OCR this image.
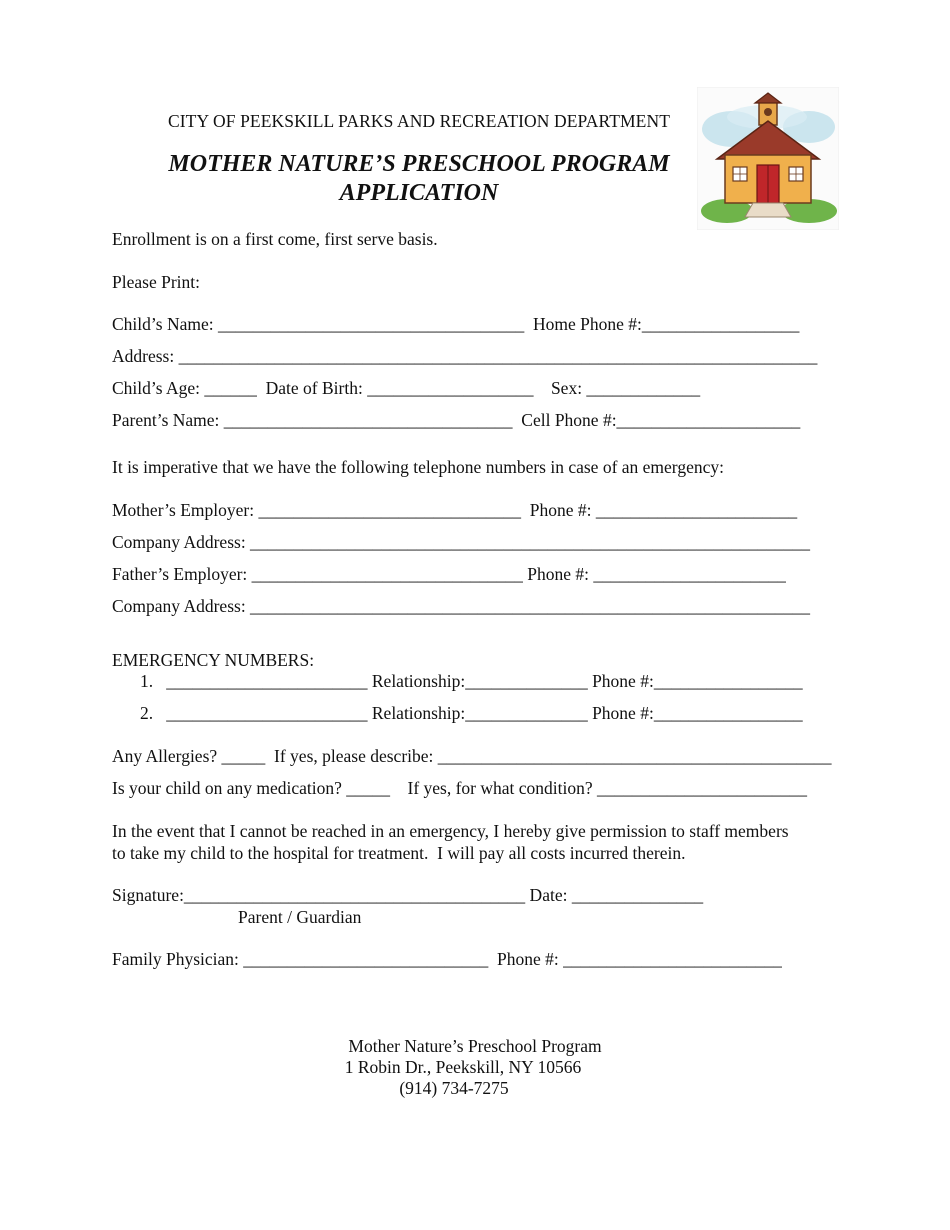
CITY OF PEEKSKILL PARKS AND RECREATION DEPARTMENT
MOTHER NATURE’S PRESCHOOL PROGRAM
APPLICATION
Enrollment is on a first come, first serve basis.
Please Print:
Child’s Name: ___________________________________  Home Phone #:__________________
Address: _________________________________________________________________________
Child’s Age: ______  Date of Birth: ___________________    Sex: _____________
Parent’s Name: _________________________________  Cell Phone #:_____________________
It is imperative that we have the following telephone numbers in case of an emergency:
Mother’s Employer: ______________________________  Phone #: _______________________
Company Address: ________________________________________________________________
Father’s Employer: _______________________________ Phone #: ______________________
Company Address: ________________________________________________________________
EMERGENCY NUMBERS:
1.   _______________________ Relationship:______________ Phone #:_________________
2.   _______________________ Relationship:______________ Phone #:_________________
Any Allergies? _____  If yes, please describe: _____________________________________________
Is your child on any medication? _____    If yes, for what condition? ________________________
In the event that I cannot be reached in an emergency, I hereby give permission to staff members
to take my child to the hospital for treatment.  I will pay all costs incurred therein.
Signature:_______________________________________ Date: _______________
Parent / Guardian
Family Physician: ____________________________  Phone #: _________________________
Mother Nature’s Preschool Program
1 Robin Dr., Peekskill, NY 10566
(914) 734-7275
